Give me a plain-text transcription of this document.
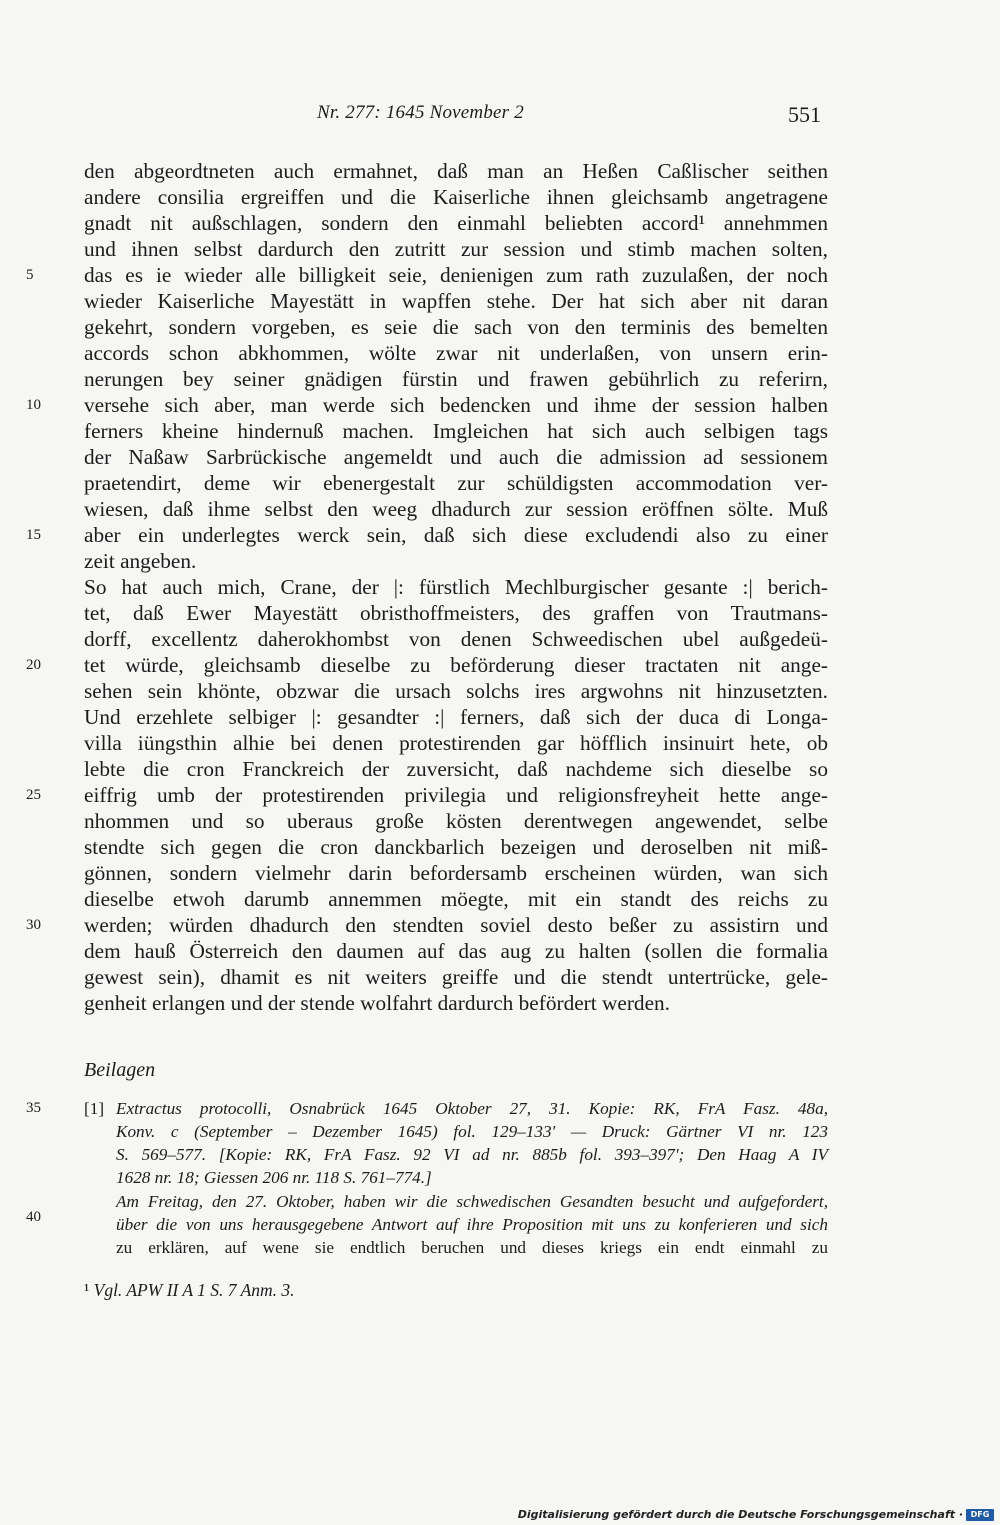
Nr. 277: 1645 November 2	551
den abgeordtneten auch ermahnet, daß man an Heßen Caßlischer seithen
andere consilia ergreiffen und die Kaiserliche ihnen gleichsamb angetragene
gnadt nit außschlagen, sondern den einmahl beliebten accord¹ annehmmen
und ihnen selbst dardurch den zutritt zur session und stimb machen solten,
das es ie wieder alle billigkeit seie, denienigen zum rath zuzulaßen, der noch
wieder Kaiserliche Mayestätt in wapffen stehe. Der hat sich aber nit daran
gekehrt, sondern vorgeben, es seie die sach von den terminis des bemelten
accords schon abkhommen, wölte zwar nit underlaßen, von unsern erin-
nerungen bey seiner gnädigen fürstin und frawen gebührlich zu referirn,
versehe sich aber, man werde sich bedencken und ihme der session halben
ferners kheine hindernuß machen. Imgleichen hat sich auch selbigen tags
der Naßaw Sarbrückische angemeldt und auch die admission ad sessionem
praetendirt, deme wir ebenergestalt zur schüldigsten accommodation ver-
wiesen, daß ihme selbst den weeg dhadurch zur session eröffnen sölte. Muß
aber ein underlegtes werck sein, daß sich diese excludendi also zu einer
zeit angeben.
So hat auch mich, Crane, der |: fürstlich Mechlburgischer gesante :| berich-
tet, daß Ewer Mayestätt obristhoffmeisters, des graffen von Trautmans-
dorff, excellentz daherokhombst von denen Schweedischen ubel außgedeü-
tet würde, gleichsamb dieselbe zu beförderung dieser tractaten nit ange-
sehen sein khönte, obzwar die ursach solchs ires argwohns nit hinzusetzten.
Und erzehlete selbiger |: gesandter :| ferners, daß sich der duca di Longa-
villa iüngsthin alhie bei denen protestirenden gar höfflich insinuirt hete, ob
lebte die cron Franckreich der zuversicht, daß nachdeme sich dieselbe so
eiffrig umb der protestirenden privilegia und religionsfreyheit hette ange-
nhommen und so uberaus große kösten derentwegen angewendet, selbe
stendte sich gegen die cron danckbarlich bezeigen und deroselben nit miß-
gönnen, sondern vielmehr darin befordersamb erscheinen würden, wan sich
dieselbe etwoh darumb annemmen möegte, mit ein standt des reichs zu
werden; würden dhadurch den stendten soviel desto beßer zu assistirn und
dem hauß Österreich den daumen auf das aug zu halten (sollen die formalia
gewest sein), dhamit es nit weiters greiffe und die stendt untertrücke, gele-
genheit erlangen und der stende wolfahrt dardurch befördert werden.
5
10
15
20
25
30
35
40
Beilagen
[1] Extractus protocolli, Osnabrück 1645 Oktober 27, 31. Kopie: RK, FrA Fasz. 48a,
Konv. c (September – Dezember 1645) fol. 129–133' — Druck: Gärtner VI nr. 123
S. 569–577. [Kopie: RK, FrA Fasz. 92 VI ad nr. 885b fol. 393–397'; Den Haag A IV
1628 nr. 18; Giessen 206 nr. 118 S. 761–774.]
Am Freitag, den 27. Oktober, haben wir die schwedischen Gesandten besucht und aufgefordert,
über die von uns herausgegebene Antwort auf ihre Proposition mit uns zu konferieren und sich
zu erklären, auf wene sie endtlich beruchen und dieses kriegs ein endt einmahl zu
¹ Vgl. APW II A 1 S. 7 Anm. 3.
Digitalisierung gefördert durch die Deutsche Forschungsgemeinschaft · DFG
